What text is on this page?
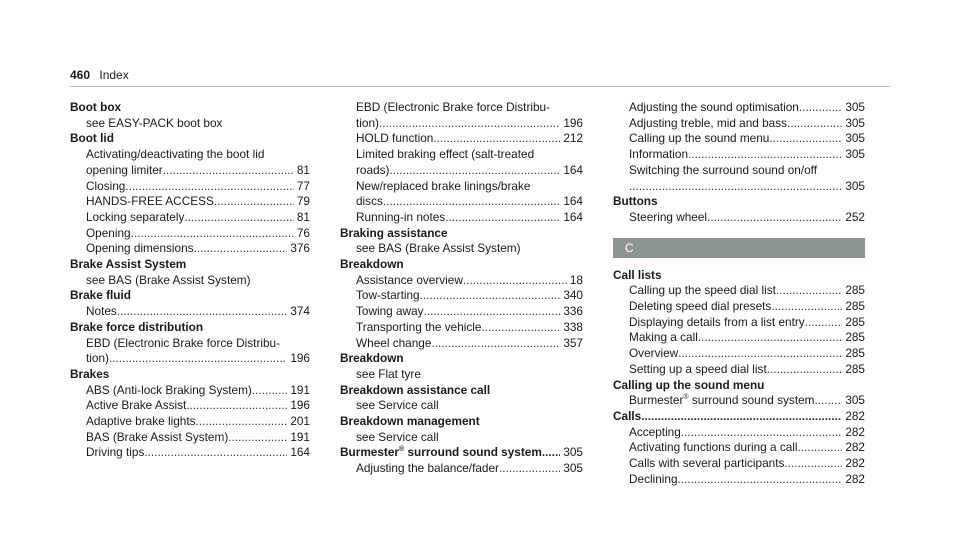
460 Index
Boot box
see EASY-PACK boot box
Boot lid
Activating/deactivating the boot lid
opening limiter .....	81
Closing .....	77
HANDS-FREE ACCESS .....	79
Locking separately .....	81
Opening .....	76
Opening dimensions .....	376
Brake Assist System
see BAS (Brake Assist System)
Brake fluid
Notes .....	374
Brake force distribution
EBD (Electronic Brake force Distribu-
tion) .....	196
Brakes
ABS (Anti-lock Braking System) .....	191
Active Brake Assist .....	196
Adaptive brake lights .....	201
BAS (Brake Assist System) .....	191
Driving tips .....	164
EBD (Electronic Brake force Distribu-
tion) .....	196
HOLD function .....	212
Limited braking effect (salt-treated
roads) .....	164
New/replaced brake linings/brake
discs .....	164
Running-in notes .....	164
Braking assistance
see BAS (Brake Assist System)
Breakdown
Assistance overview .....	18
Tow-starting .....	340
Towing away .....	336
Transporting the vehicle .....	338
Wheel change .....	357
Breakdown
see Flat tyre
Breakdown assistance call
see Service call
Breakdown management
see Service call
Burmester® surround sound system ..... 305
Adjusting the balance/fader .....	305
Adjusting the sound optimisation .....	305
Adjusting treble, mid and bass .....	305
Calling up the sound menu .....	305
Information .....	305
Switching the surround sound on/off
.....
305
Buttons
Steering wheel .....	252
C
Call lists
Calling up the speed dial list .....	285
Deleting speed dial presets .....	285
Displaying details from a list entry .....	285
Making a call .....	285
Overview .....	285
Setting up a speed dial list .....	285
Calling up the sound menu
Burmester® surround sound system .....	305
Calls .....	282
Accepting .....	282
Activating functions during a call .....	282
Calls with several participants .....	282
Declining .....	282
